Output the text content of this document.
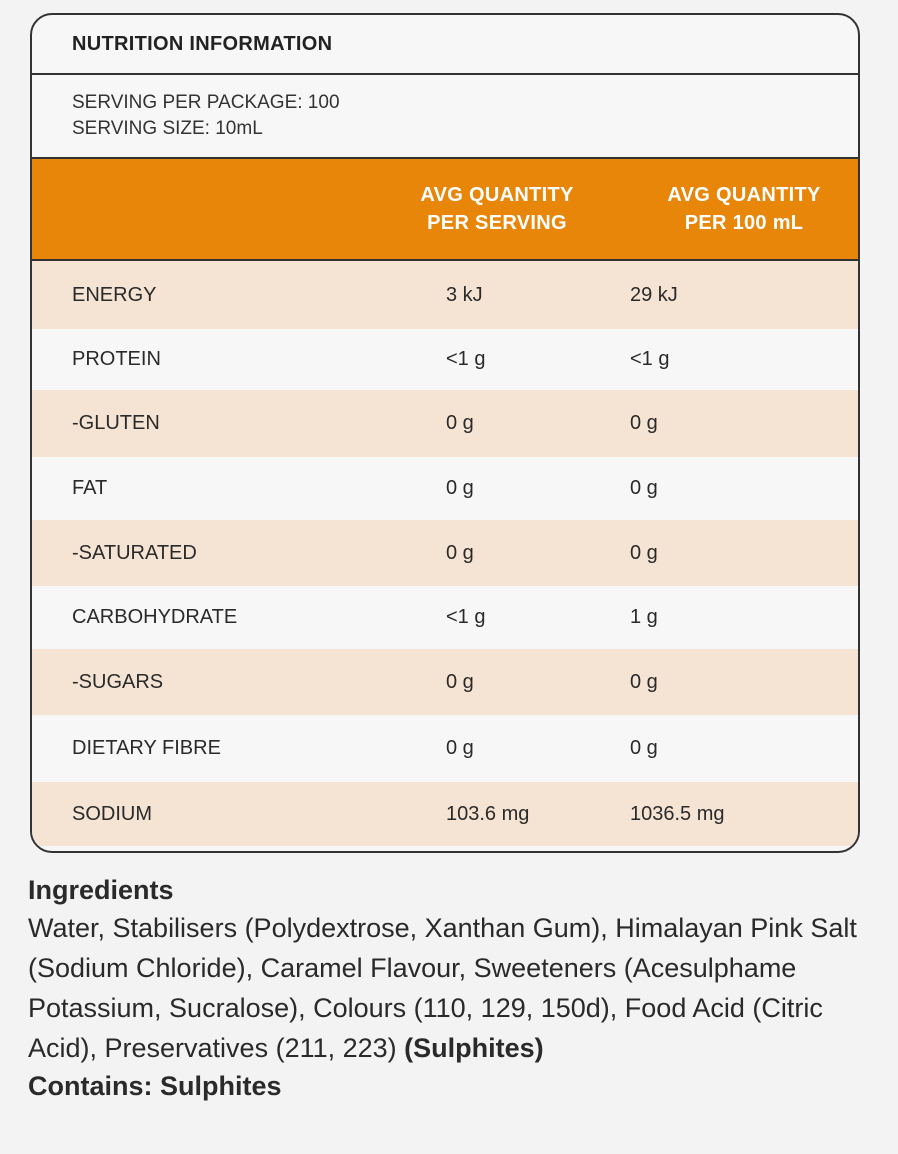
NUTRITION INFORMATION
SERVING PER PACKAGE: 100
SERVING SIZE: 10mL
AVG QUANTITY
PER SERVING
AVG QUANTITY
PER 100 mL
ENERGY	3 kJ	29 kJ
PROTEIN	<1 g	<1 g
-GLUTEN	0 g	0 g
FAT	0 g	0 g
-SATURATED	0 g	0 g
CARBOHYDRATE	<1 g	1 g
-SUGARS	0 g	0 g
DIETARY FIBRE	0 g	0 g
SODIUM	103.6 mg	1036.5 mg
Ingredients
Water, Stabilisers (Polydextrose, Xanthan Gum), Himalayan Pink Salt (Sodium Chloride), Caramel Flavour, Sweeteners (Acesulphame Potassium, Sucralose), Colours (110, 129, 150d), Food Acid (Citric Acid), Preservatives (211, 223) (Sulphites)
Contains: Sulphites
